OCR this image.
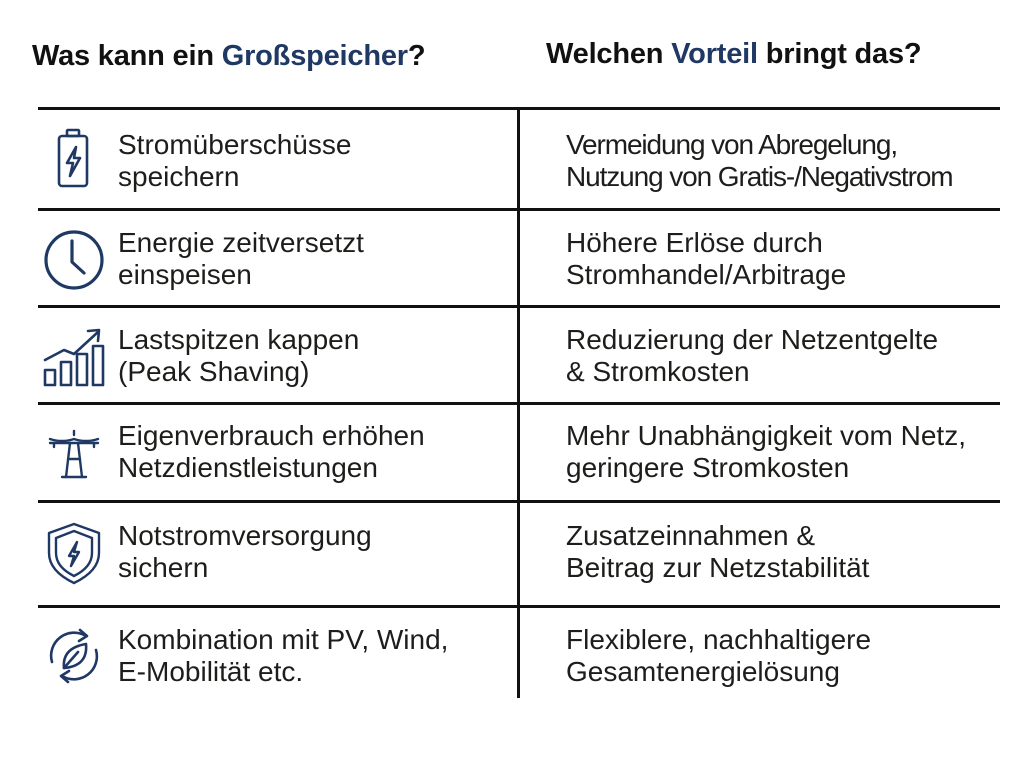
Was kann ein Großspeicher?	Welchen Vorteil bringt das?
Stromüberschüsse
speichern
Vermeidung von Abregelung,
Nutzung von Gratis-/Negativstrom
Energie zeitversetzt
einspeisen
Höhere Erlöse durch
Stromhandel/Arbitrage
Lastspitzen kappen
(Peak Shaving)
Reduzierung der Netzentgelte
& Stromkosten
Eigenverbrauch erhöhen
Netzdienstleistungen
Mehr Unabhängigkeit vom Netz,
geringere Stromkosten
Notstromversorgung
sichern
Zusatzeinnahmen &
Beitrag zur Netzstabilität
Kombination mit PV, Wind,
E-Mobilität etc.
Flexiblere, nachhaltigere
Gesamtenergielösung
